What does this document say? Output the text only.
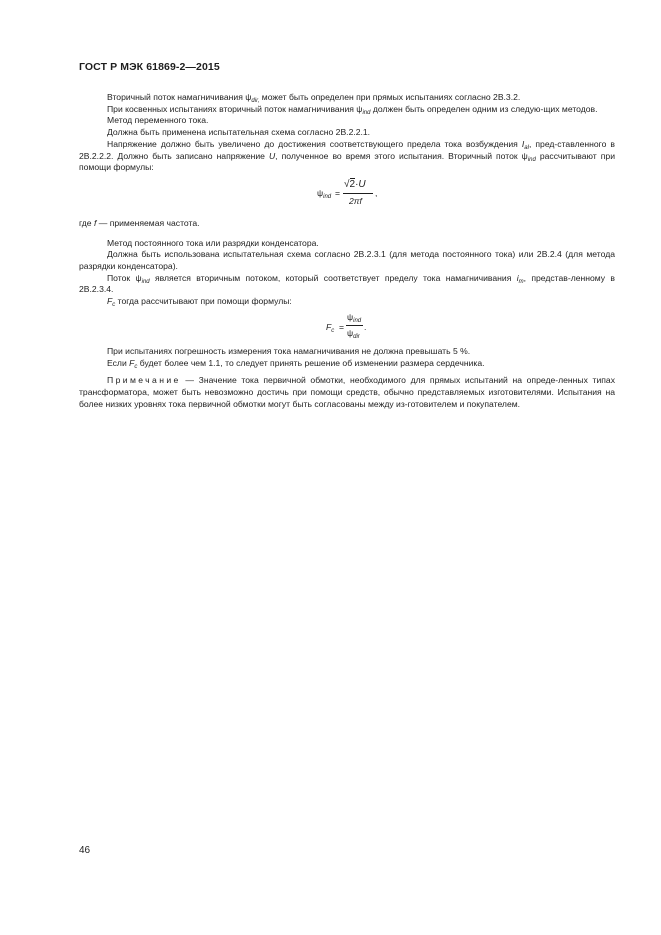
ГОСТ Р МЭК 61869-2—2015

Вторичный поток намагничивания $\psi_{dir,}$ может быть определен при прямых испытаниях согласно 2В.3.2.

При косвенных испытаниях вторичный поток намагничивания $\psi_{ind}$ должен быть определен одним из следую-щих методов.

Метод переменного тока.

Должна быть применена испытательная схема согласно 2В.2.2.1.

Напряжение должно быть увеличено до достижения соответствующего предела тока возбуждения $I_{al}$, пред-ставленного в 2В.2.2.2. Должно быть записано напряжение U, полученное во время этого испытания. Вторичный поток $\psi_{ind}$ рассчитывают при помощи формулы:

$\psi_{ind}$ =
√2·U
2πf
,

где f — применяемая частота.

Метод постоянного тока или разрядки конденсатора.

Должна быть использована испытательная схема согласно 2В.2.3.1 (для метода постоянного тока) или 2В.2.4 (для метода разрядки конденсатора).

Поток $\psi_{ind}$ является вторичным потоком, который соответствует пределу тока намагничивания $i_m$, представ-ленному в 2В.2.3.4.

$F_c$ тогда рассчитывают при помощи формулы:

$F_c$ =
$\psi_{ind}$
$\psi_{dir}$
.

При испытаниях погрешность измерения тока намагничивания не должна превышать 5 %.

Если $F_c$ будет более чем 1.1, то следует принять решение об изменении размера сердечника.

Примечание — Значение тока первичной обмотки, необходимого для прямых испытаний на опреде-ленных типах трансформатора, может быть невозможно достичь при помощи средств, обычно представляемых изготовителями. Испытания на более низких уровнях тока первичной обмотки могут быть согласованы между из-готовителем и покупателем.

46
